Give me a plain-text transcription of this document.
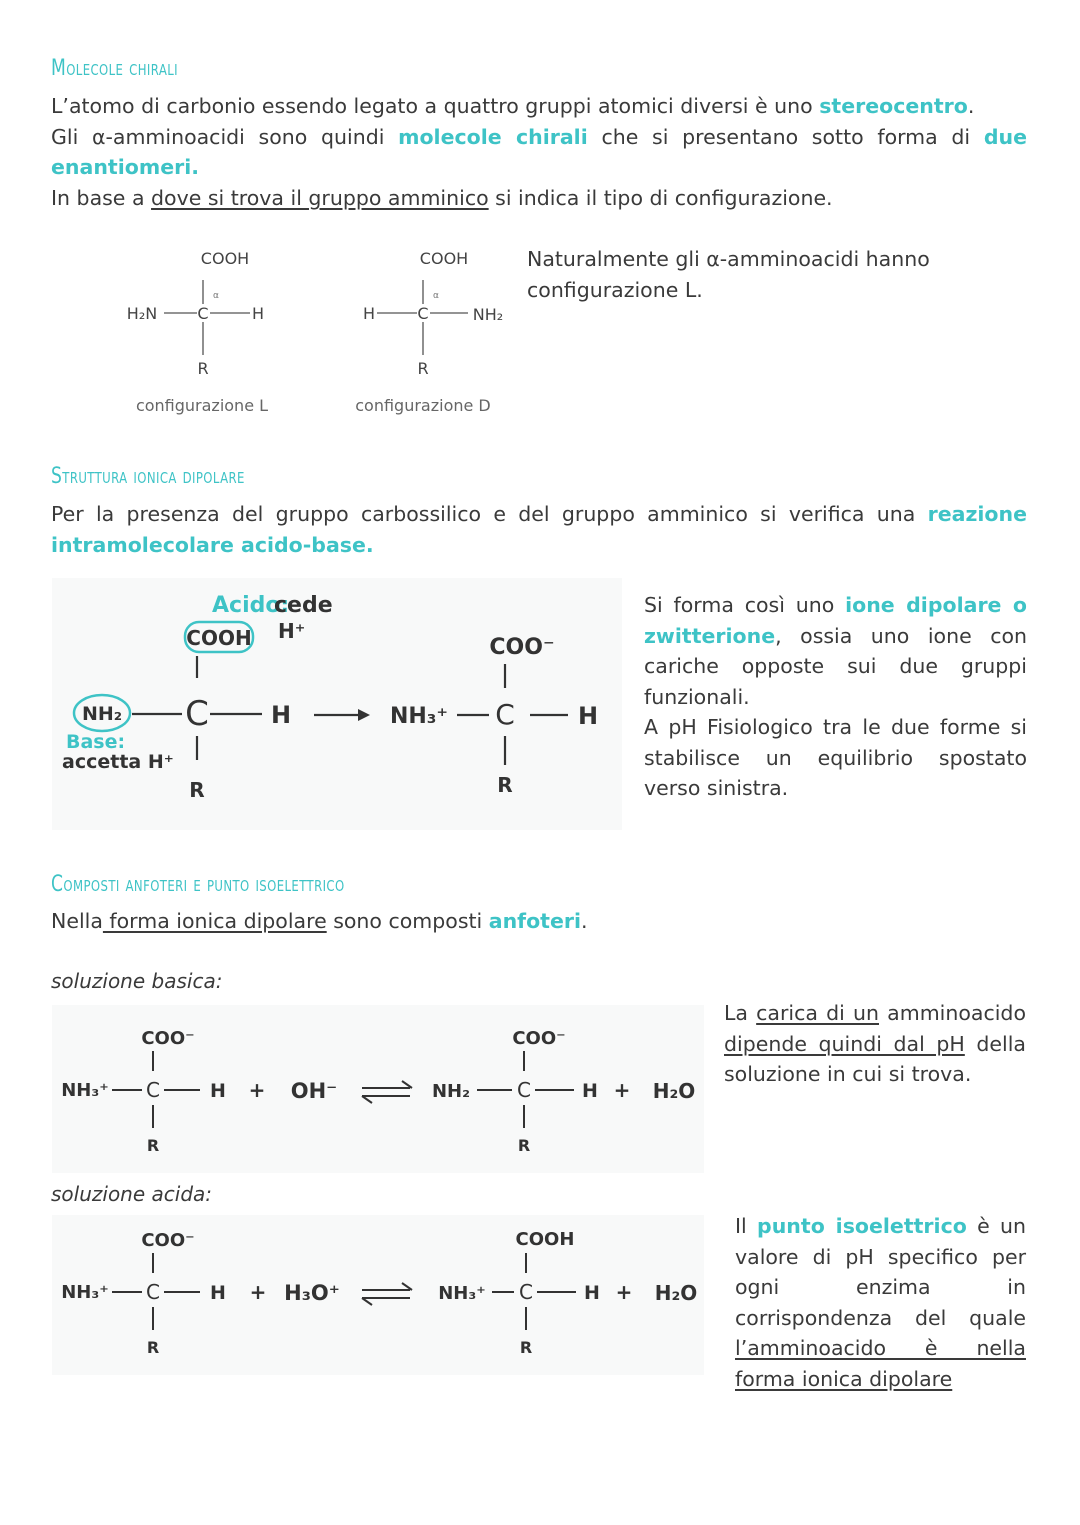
Molecole chirali
L’atomo di carbonio essendo legato a quattro gruppi atomici diversi è uno stereocentro.
Gli α-amminoacidi sono quindi molecole chirali che si presentano sotto forma di due enantiomeri.

In base a dove si trova il gruppo amminico si indica il tipo di configurazione.
COOH
α
H₂N	C	H
R
configurazione L
COOH
α
H	C	NH₂
R
configurazione D
Naturalmente gli α-amminoacidi hanno configurazione L.
Struttura ionica dipolare
Per la presenza del gruppo carbossilico e del gruppo amminico si verifica una reazione intramolecolare acido-base.
Acido:
cede
COOH H⁺
C	H
R
NH₂
Base:
accetta H⁺
NH₃⁺
COO⁻
C	H
R
Si forma così uno ione dipolare o zwitterione, ossia uno ione con cariche opposte sui due gruppi funzionali.
A pH Fisiologico tra le due forme si stabilisce un equilibrio spostato verso sinistra.
Composti anfoteri e punto isoelettrico
Nella forma ionica dipolare sono composti anfoteri.
soluzione basica:
COO⁻
NH₃⁺ C	H
R
+ OH⁻	NH₂
COO⁻
C	H
R
+ H₂O
La carica di un amminoacido dipende quindi dal pH della soluzione in cui si trova.
soluzione acida:
COO⁻
NH₃⁺ C	H
R
+ H₃O⁺	NH₃⁺
COOH
C	H
R
+ H₂O
Il punto isoelettrico è un valore di pH specifico per ogni enzima in corrispondenza del quale l’amminoacido è nella forma ionica dipolare
